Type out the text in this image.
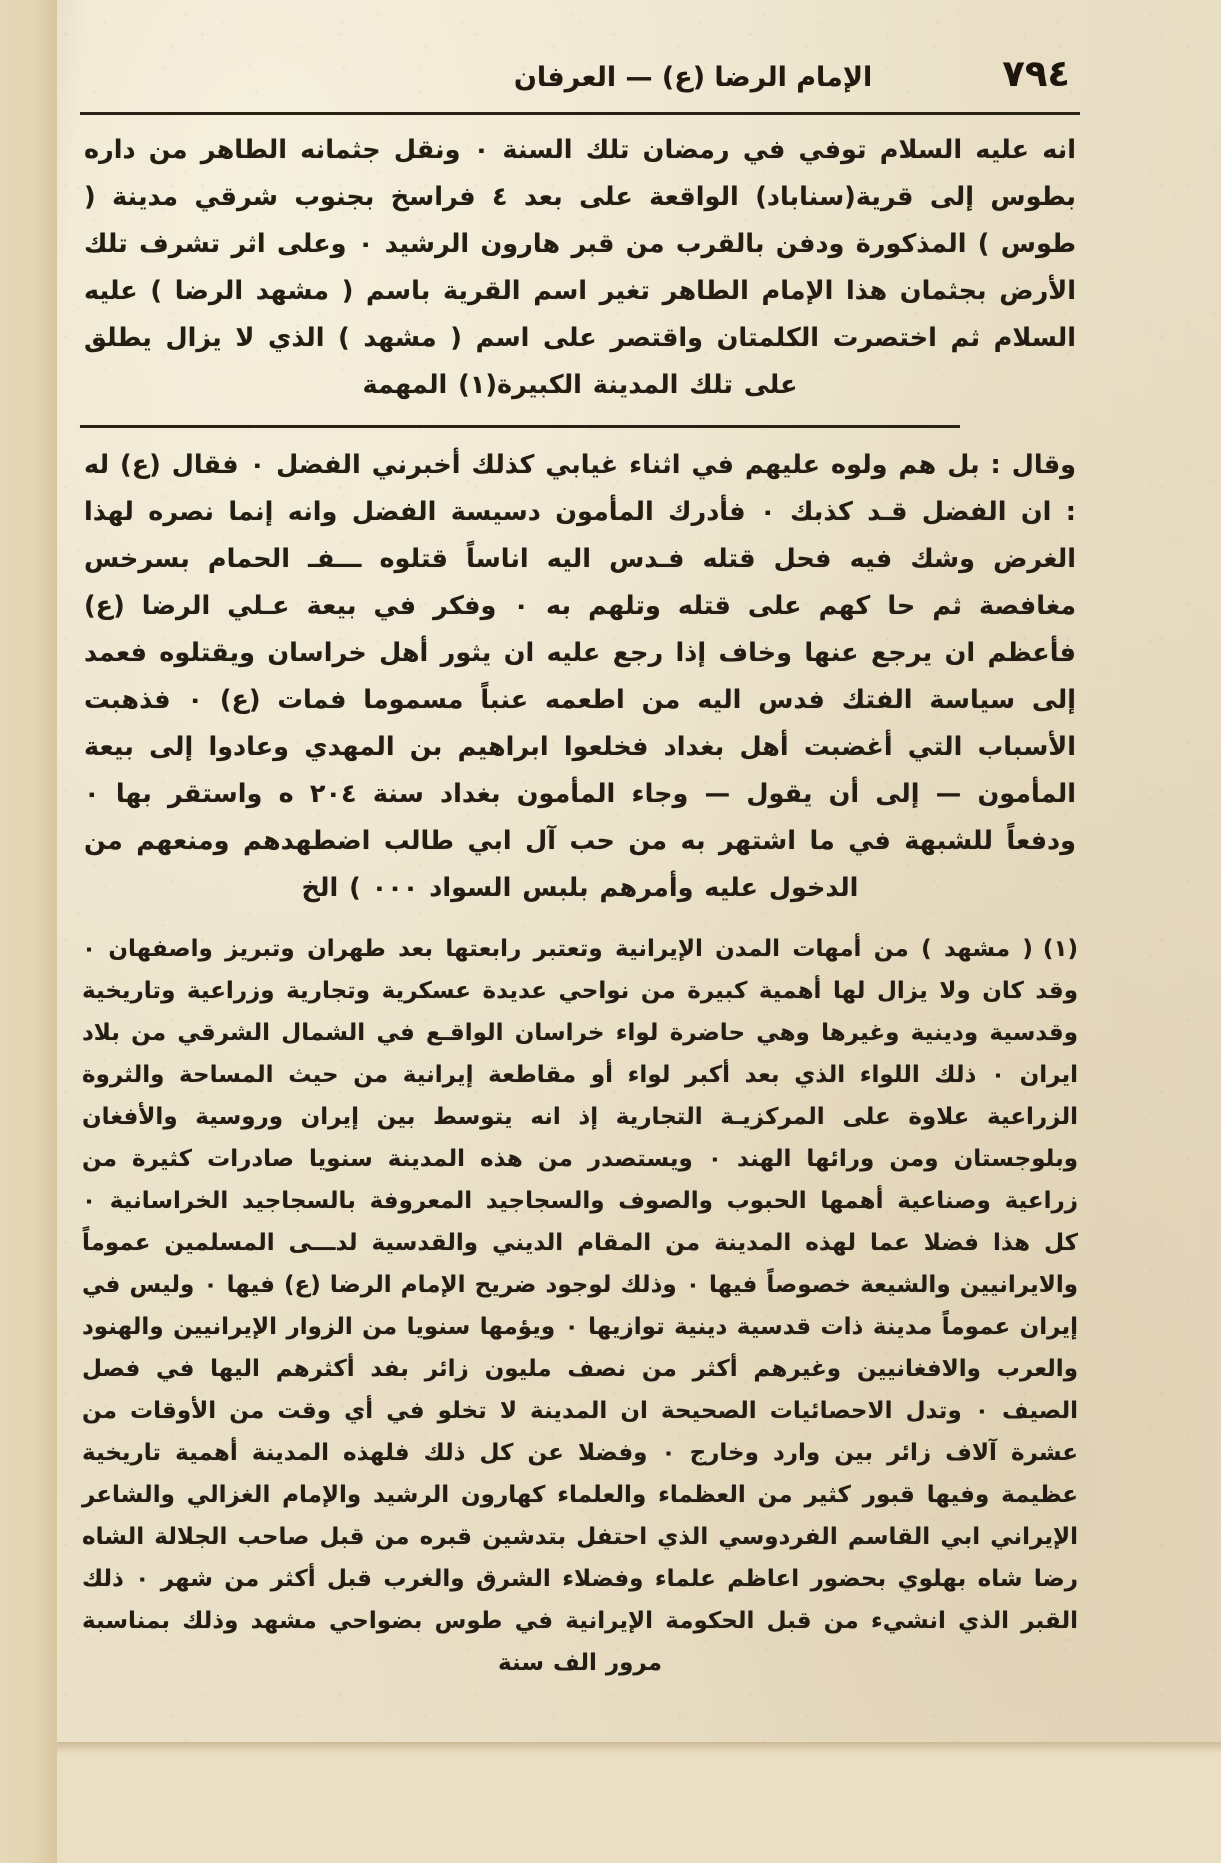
٧٩٤
الإمام الرضا (ع) — العرفان

انه عليه السلام توفي في رمضان تلك السنة ٠ ونقل جثمانه الطاهر من داره بطوس إلى قرية(سناباد) الواقعة على بعد ٤ فراسخ بجنوب شرقي مدينة ( طوس ) المذكورة ودفن بالقرب من قبر هارون الرشيد ٠ وعلى اثر تشرف تلك الأرض بجثمان هذا الإمام الطاهر تغير اسم القرية باسم ( مشهد الرضا ) عليه السلام ثم اختصرت الكلمتان واقتصر على اسم ( مشهد ) الذي لا يزال يطلق على تلك المدينة الكبيرة(١) المهمة

وقال : بل هم ولوه عليهم في اثناء غيابي كذلك أخبرني الفضل ٠ فقال (ع) له : ان الفضل قـد كذبك ٠ فأدرك المأمون دسيسة الفضل وانه إنما نصره لهذا الغرض وشك فيه فحل قتله فـدس اليه اناساً قتلوه ـــفـ الحمام بسرخس مغافصة ثم حا كهم على قتله وتلهم به ٠ وفكر في بيعة عـلي الرضا (ع) فأعظم ان يرجع عنها وخاف إذا رجع عليه ان يثور أهل خراسان ويقتلوه فعمد إلى سياسة الفتك فدس اليه من اطعمه عنباً مسموما فمات (ع) ٠ فذهبت الأسباب التي أغضبت أهل بغداد فخلعوا ابراهيم بن المهدي وعادوا إلى بيعة المأمون — إلى أن يقول — وجاء المأمون بغداد سنة ٢٠٤ ه واستقر بها ٠ ودفعاً للشبهة في ما اشتهر به من حب آل ابي طالب اضطهدهم ومنعهم من الدخول عليه وأمرهم بلبس السواد ٠٠٠ ) الخ

(١)( مشهد ) من أمهات المدن الإيرانية وتعتبر رابعتها بعد طهران وتبريز واصفهان ٠ وقد كان ولا يزال لها أهمية كبيرة من نواحي عديدة عسكرية وتجارية وزراعية وتاريخية وقدسية ودينية وغيرها وهي حاضرة لواء خراسان الواقـع في الشمال الشرقي من بلاد ايران ٠ ذلك اللواء الذي بعد أكبر لواء أو مقاطعة إيرانية من حيث المساحة والثروة الزراعية علاوة على المركزيـة التجارية إذ انه يتوسط بين إيران وروسية والأفغان وبلوجستان ومن ورائها الهند ٠ ويستصدر من هذه المدينة سنويا صادرات كثيرة من زراعية وصناعية أهمها الحبوب والصوف والسجاجيد المعروفة بالسجاجيد الخراسانية ٠ كل هذا فضلا عما لهذه المدينة من المقام الديني والقدسية لدـــى المسلمين عموماً والايرانيين والشيعة خصوصاً فيها ٠ وذلك لوجود ضريح الإمام الرضا (ع) فيها ٠ وليس في إيران عموماً مدينة ذات قدسية دينية توازيها ٠ ويؤمها سنويا من الزوار الإيرانيين والهنود والعرب والافغانيين وغيرهم أكثر من نصف مليون زائر بفد أكثرهم اليها في فصل الصيف ٠ وتدل الاحصائيات الصحيحة ان المدينة لا تخلو في أي وقت من الأوقات من عشرة آلاف زائر بين وارد وخارج ٠ وفضلا عن كل ذلك فلهذه المدينة أهمية تاريخية عظيمة وفيها قبور كثير من العظماء والعلماء كهارون الرشيد والإمام الغزالي والشاعر الإيراني ابي القاسم الفردوسي الذي احتفل بتدشين قبره من قبل صاحب الجلالة الشاه رضا شاه بهلوي بحضور اعاظم علماء وفضلاء الشرق والغرب قبل أكثر من شهر ٠ ذلك القبر الذي انشيء من قبل الحكومة الإيرانية في طوس بضواحي مشهد وذلك بمناسبة مرور الف سنة
